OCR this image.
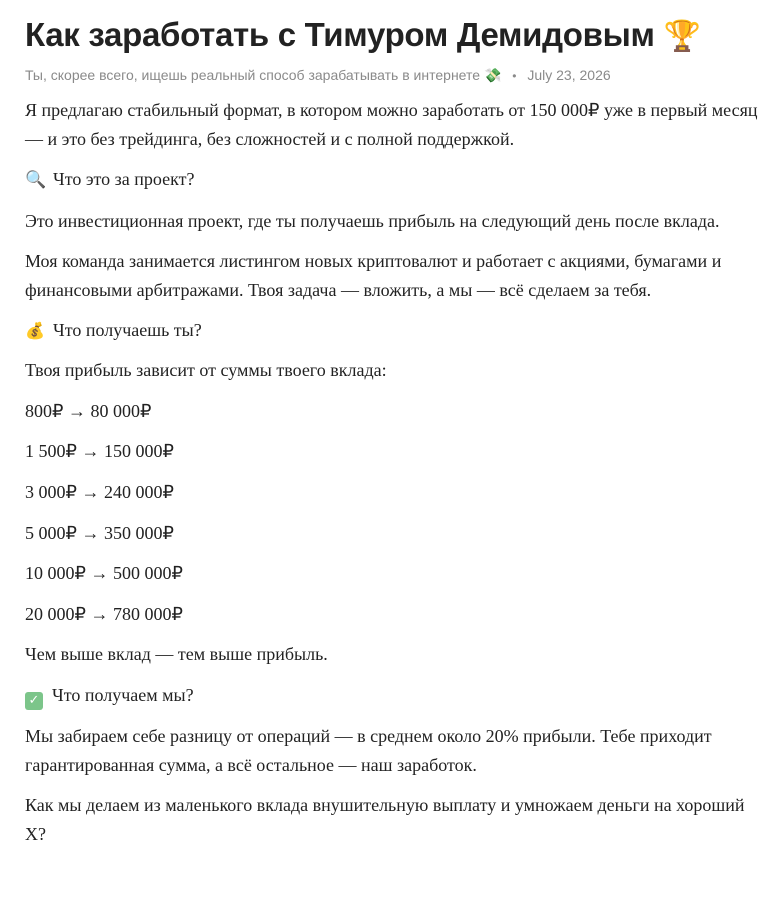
Как заработать с Тимуром Демидовым 🏆
Ты, скорее всего, ищешь реальный способ зарабатывать в интернете 💸 • July 23, 2026

Я предлагаю стабильный формат, в котором можно заработать от 150 000₽ уже в первый месяц — и это без трейдинга, без сложностей и с полной поддержкой.

🔍 Что это за проект?

Это инвестиционная проект, где ты получаешь прибыль на следующий день после вклада.

Моя команда занимается листингом новых криптовалют и работает с акциями, бумагами и финансовыми арбитражами. Твоя задача — вложить, а мы — всё сделаем за тебя.

💰 Что получаешь ты?

Твоя прибыль зависит от суммы твоего вклада:

800₽ → 80 000₽

1 500₽ → 150 000₽

3 000₽ → 240 000₽

5 000₽ → 350 000₽

10 000₽ → 500 000₽

20 000₽ → 780 000₽

Чем выше вклад — тем выше прибыль.

✓ Что получаем мы?

Мы забираем себе разницу от операций — в среднем около 20% прибыли. Тебе приходит гарантированная сумма, а всё остальное — наш заработок.

Как мы делаем из маленького вклада внушительную выплату и умножаем деньги на хороший Х?
